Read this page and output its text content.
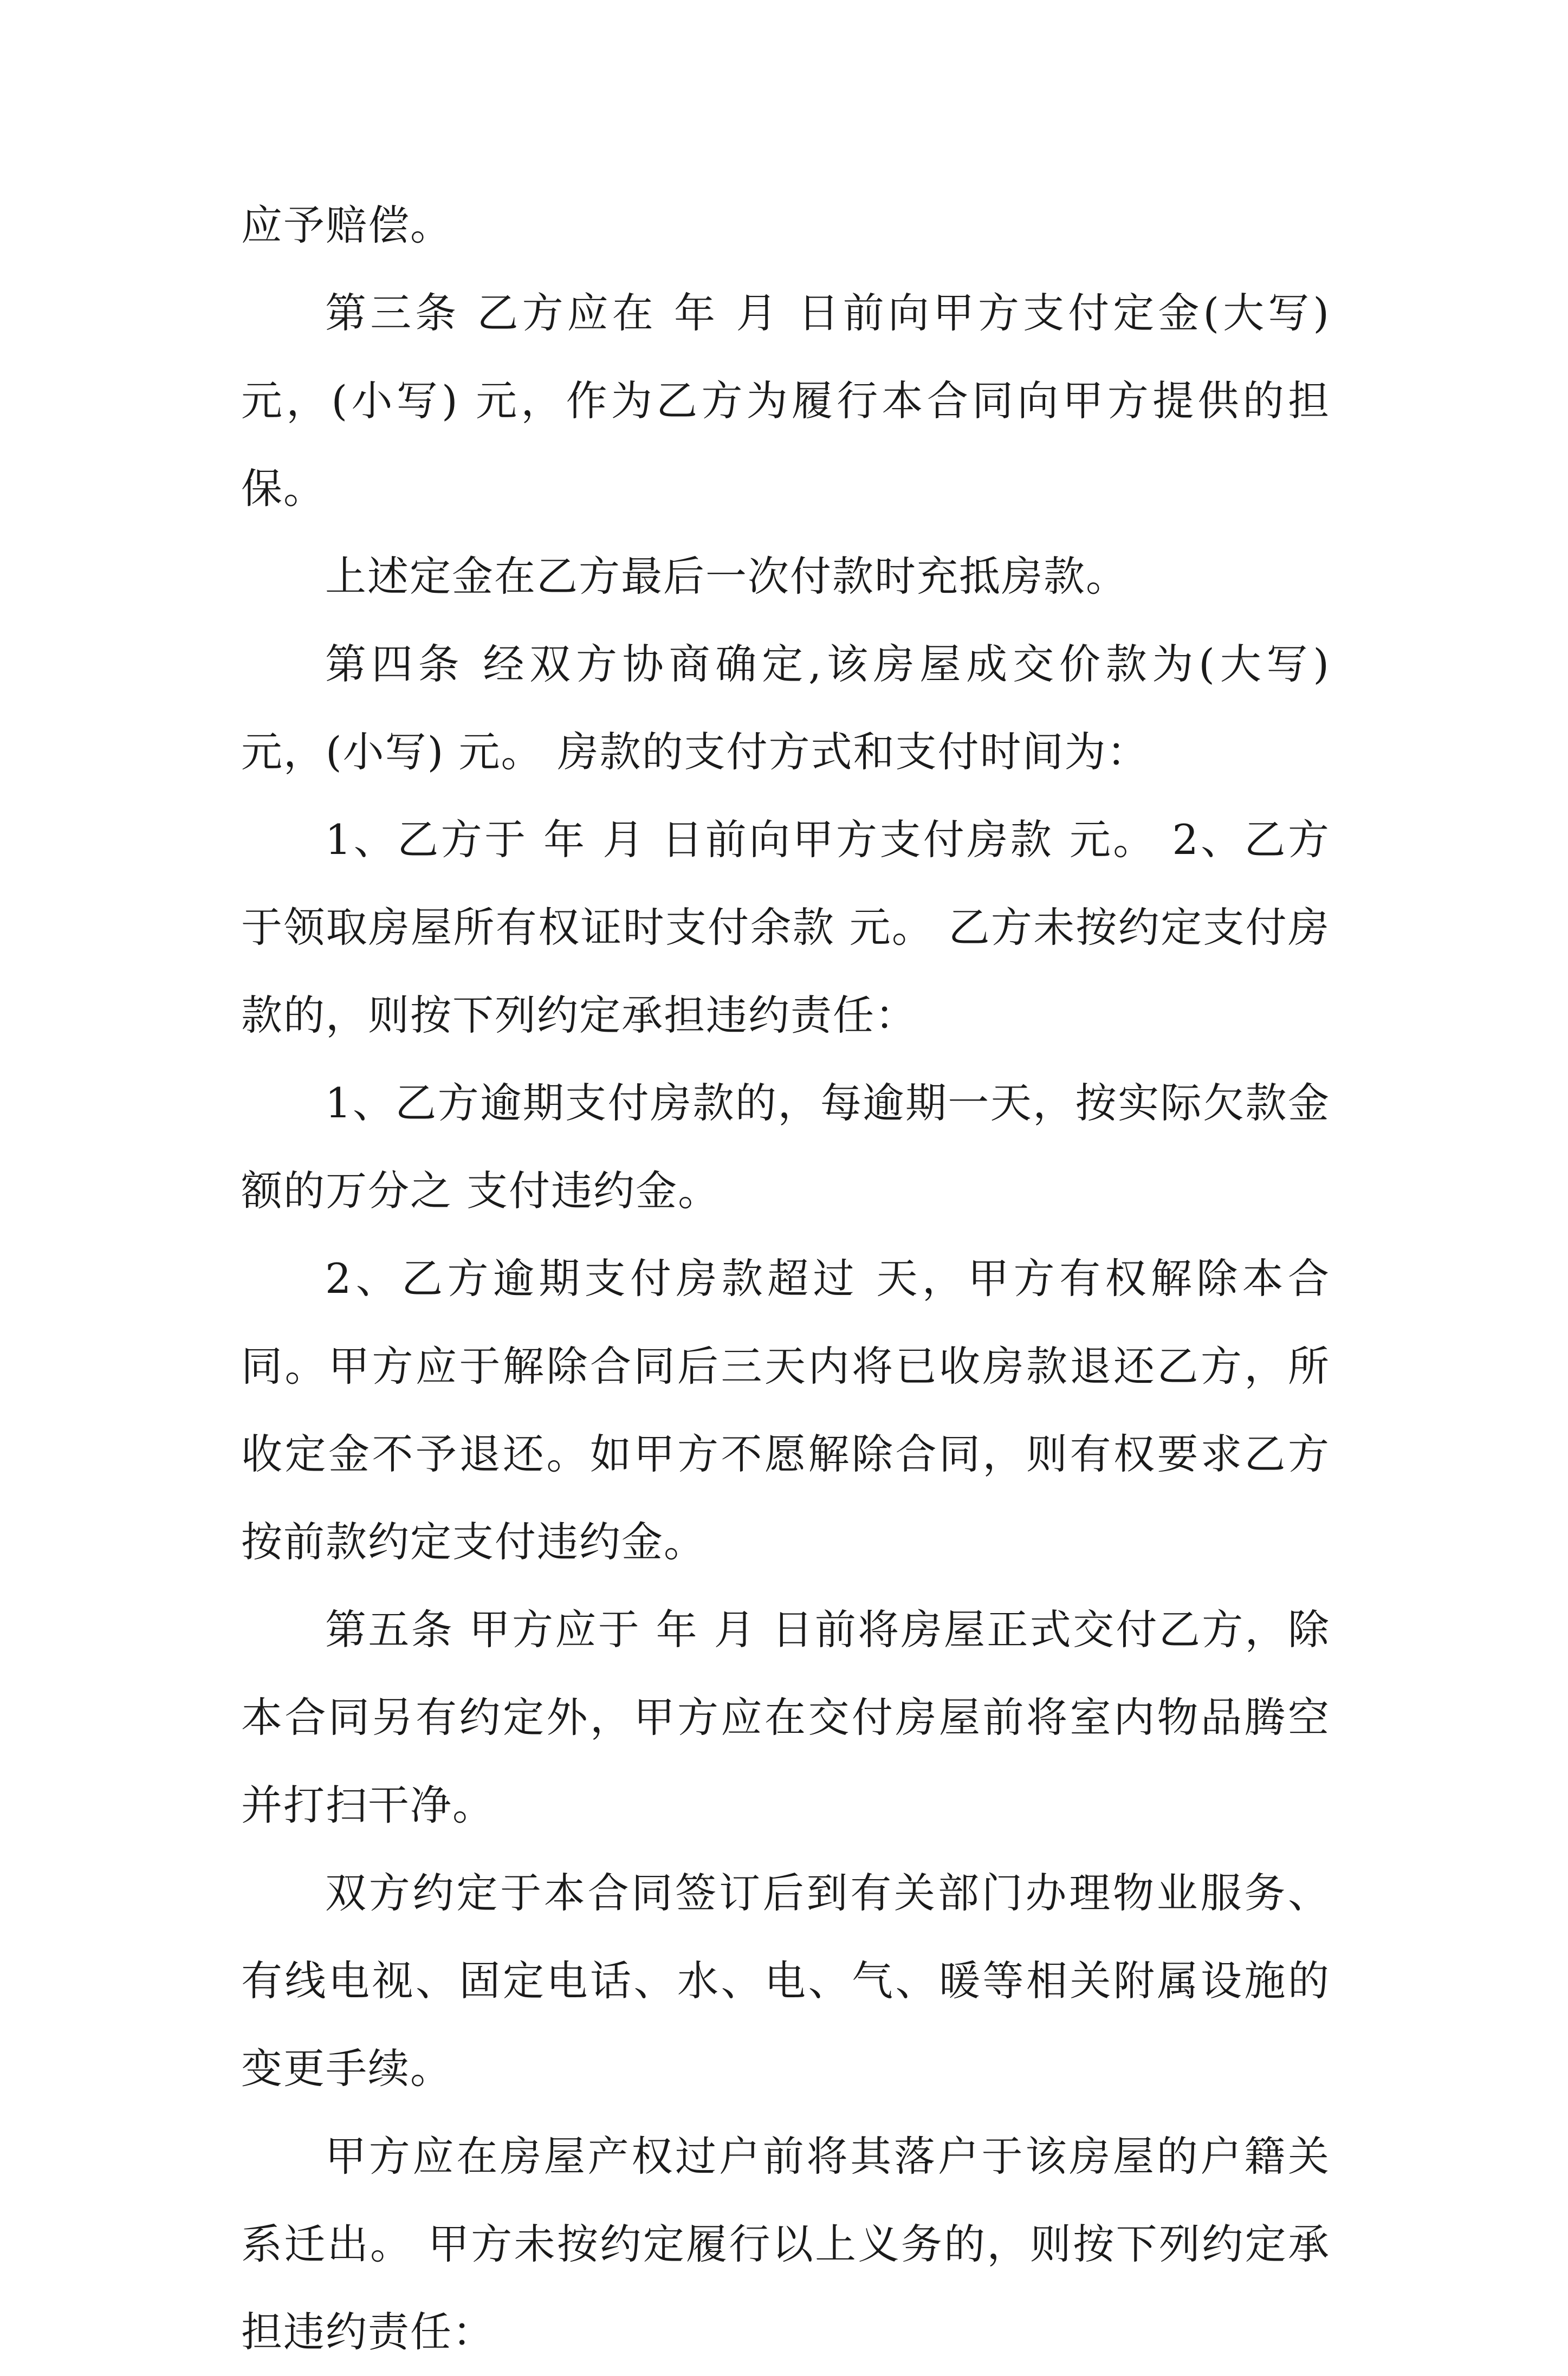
应予赔偿。

第三条 乙方应在 年 月 日前向甲方支付定金(大写) 元，(小写) 元，作为乙方为履行本合同向甲方提供的担保。

上述定金在乙方最后一次付款时充抵房款。

第四条 经双方协商确定,该房屋成交价款为(大写) 元，(小写) 元。 房款的支付方式和支付时间为：

1、乙方于 年 月 日前向甲方支付房款 元。 2、乙方于领取房屋所有权证时支付余款 元。 乙方未按约定支付房款的，则按下列约定承担违约责任：

1、乙方逾期支付房款的，每逾期一天，按实际欠款金额的万分之 支付违约金。

2、乙方逾期支付房款超过 天，甲方有权解除本合同。甲方应于解除合同后三天内将已收房款退还乙方，所收定金不予退还。如甲方不愿解除合同，则有权要求乙方按前款约定支付违约金。

第五条 甲方应于 年 月 日前将房屋正式交付乙方，除本合同另有约定外，甲方应在交付房屋前将室内物品腾空并打扫干净。

双方约定于本合同签订后到有关部门办理物业服务、有线电视、固定电话、水、电、气、暖等相关附属设施的变更手续。

甲方应在房屋产权过户前将其落户于该房屋的户籍关系迁出。 甲方未按约定履行以上义务的，则按下列约定承担违约责任：
